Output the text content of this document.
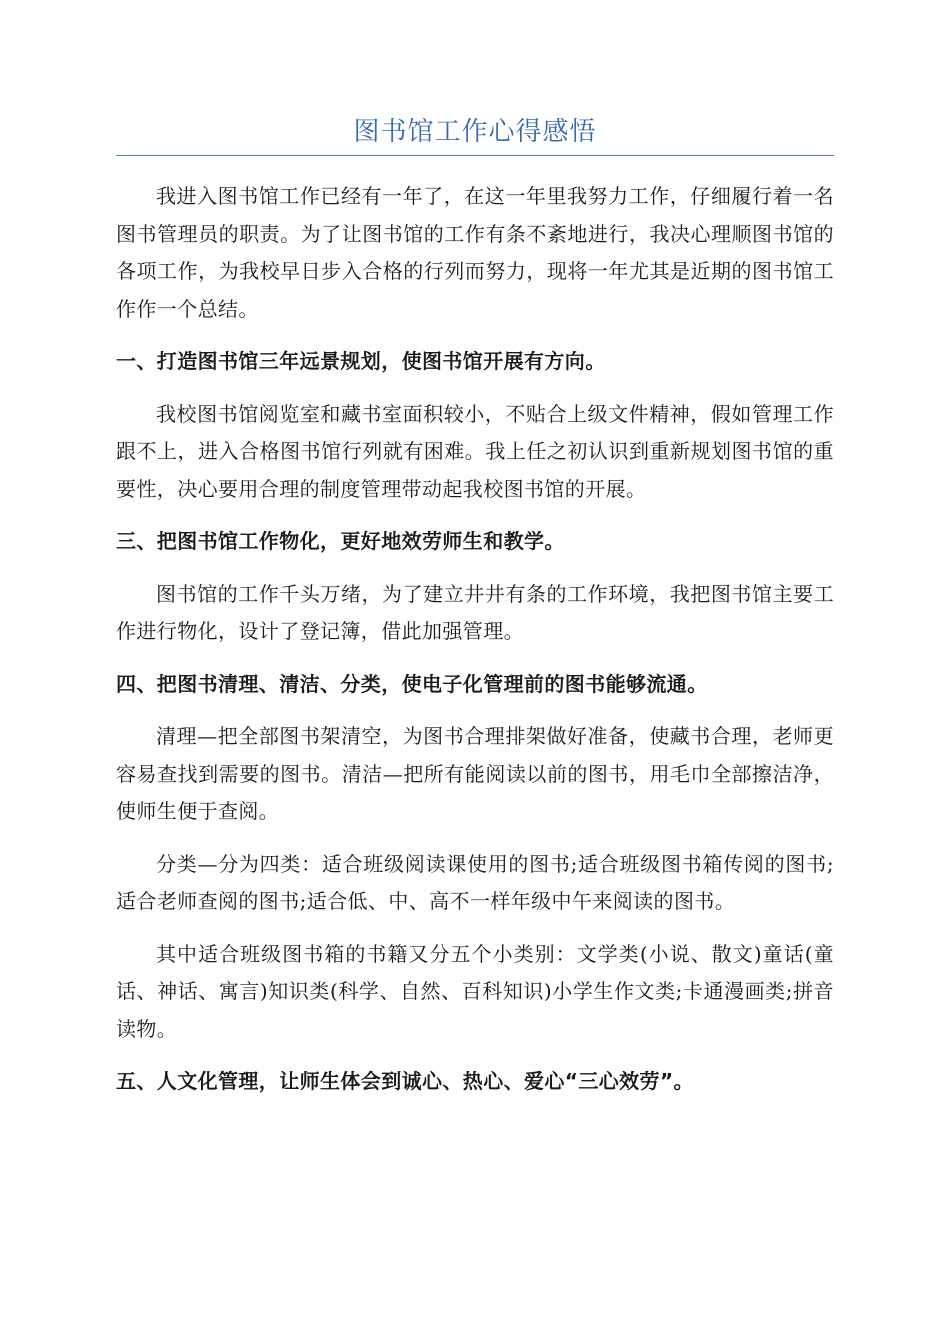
图书馆工作心得感悟

我进入图书馆工作已经有一年了，在这一年里我努力工作，仔细履行着一名图书管理员的职责。为了让图书馆的工作有条不紊地进行，我决心理顺图书馆的各项工作，为我校早日步入合格的行列而努力，现将一年尤其是近期的图书馆工作作一个总结。

一、打造图书馆三年远景规划，使图书馆开展有方向。

我校图书馆阅览室和藏书室面积较小，不贴合上级文件精神，假如管理工作跟不上，进入合格图书馆行列就有困难。我上任之初认识到重新规划图书馆的重要性，决心要用合理的制度管理带动起我校图书馆的开展。

三、把图书馆工作物化，更好地效劳师生和教学。

图书馆的工作千头万绪，为了建立井井有条的工作环境，我把图书馆主要工作进行物化，设计了登记簿，借此加强管理。

四、把图书清理、清洁、分类，使电子化管理前的图书能够流通。

清理—把全部图书架清空，为图书合理排架做好准备，使藏书合理，老师更容易查找到需要的图书。清洁—把所有能阅读以前的图书，用毛巾全部擦洁净，使师生便于查阅。

分类—分为四类：适合班级阅读课使用的图书;适合班级图书箱传阅的图书;适合老师查阅的图书;适合低、中、高不一样年级中午来阅读的图书。

其中适合班级图书箱的书籍又分五个小类别：文学类(小说、散文)童话(童话、神话、寓言)知识类(科学、自然、百科知识)小学生作文类;卡通漫画类;拼音读物。

五、人文化管理，让师生体会到诚心、热心、爱心“三心效劳”。
